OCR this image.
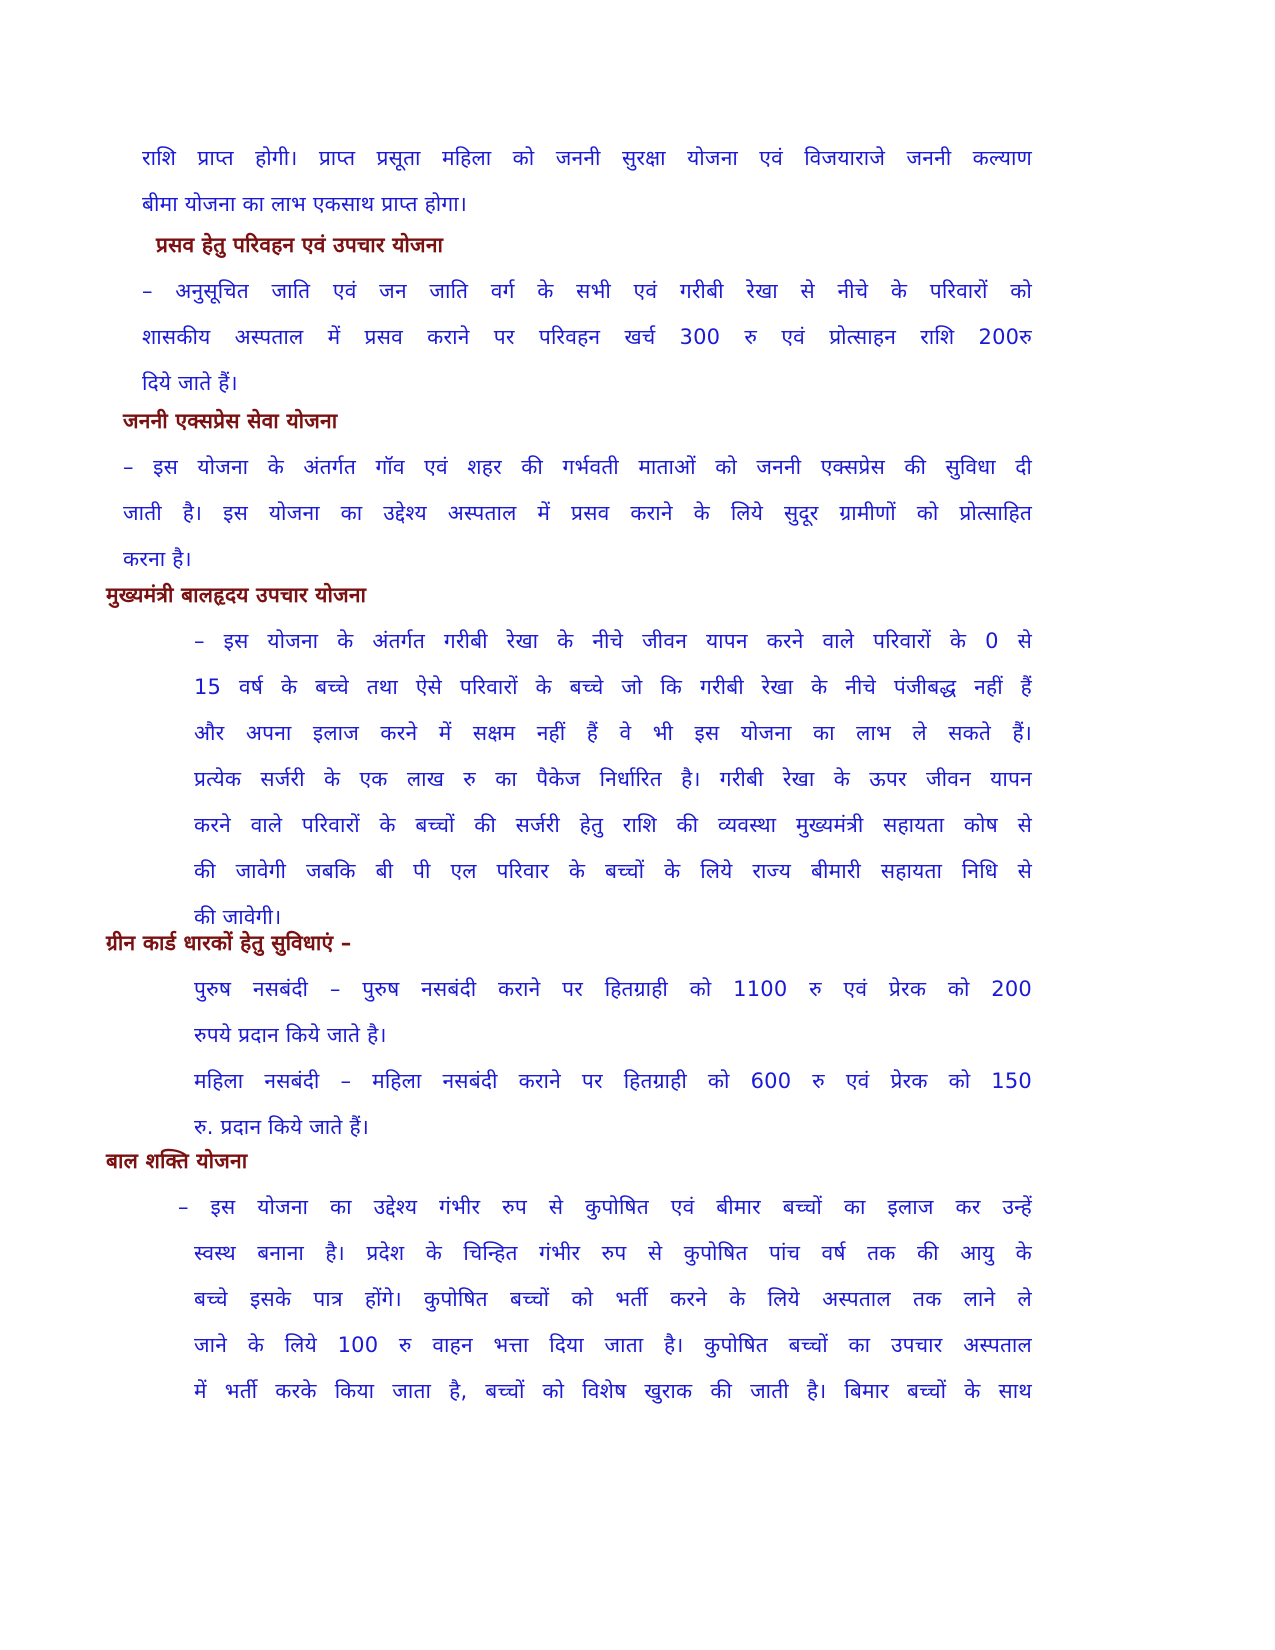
राशि प्राप्त होगी। प्राप्त प्रसूता महिला को जननी सुरक्षा योजना एवं विजयाराजे जननी कल्याण
बीमा योजना का लाभ एकसाथ प्राप्त होगा।
प्रसव हेतु परिवहन एवं उपचार योजना
– अनुसूचित जाति एवं जन जाति वर्ग के सभी एवं गरीबी रेखा से नीचे के परिवारों को
शासकीय अस्पताल में प्रसव कराने पर परिवहन खर्च 300 रु एवं प्रोत्साहन राशि 200रु
दिये जाते हैं।
जननी एक्सप्रेस सेवा योजना
– इस योजना के अंतर्गत गॉव एवं शहर की गर्भवती माताओं को जननी एक्सप्रेस की सुविधा दी
जाती है। इस योजना का उद्देश्य अस्पताल में प्रसव कराने के लिये सुदूर ग्रामीणों को प्रोत्साहित
करना है।
मुख्यमंत्री बालहृदय उपचार योजना
– इस योजना के अंतर्गत गरीबी रेखा के नीचे जीवन यापन करने वाले परिवारों के 0 से
15 वर्ष के बच्चे तथा ऐसे परिवारों के बच्चे जो कि गरीबी रेखा के नीचे पंजीबद्ध नहीं हैं
और अपना इलाज करने में सक्षम नहीं हैं वे भी इस योजना का लाभ ले सकते हैं।
प्रत्येक सर्जरी के एक लाख रु का पैकेज निर्धारित है। गरीबी रेखा के ऊपर जीवन यापन
करने वाले परिवारों के बच्चों की सर्जरी हेतु राशि की व्यवस्था मुख्यमंत्री सहायता कोष से
की जावेगी जबकि बी पी एल परिवार के बच्चों के लिये राज्य बीमारी सहायता निधि से
की जावेगी।
ग्रीन कार्ड धारकों हेतु सुविधाएं –
पुरुष नसबंदी – पुरुष नसबंदी कराने पर हितग्राही को 1100 रु एवं प्रेरक को 200
रुपये प्रदान किये जाते है।
महिला नसबंदी – महिला नसबंदी कराने पर हितग्राही को 600 रु एवं प्रेरक को 150
रु. प्रदान किये जाते हैं।
बाल शक्ति योजना
– इस योजना का उद्देश्य गंभीर रुप से कुपोषित एवं बीमार बच्चों का इलाज कर उन्हें
स्वस्थ बनाना है। प्रदेश के चिन्हित गंभीर रुप से कुपोषित पांच वर्ष तक की आयु के
बच्चे इसके पात्र होंगे। कुपोषित बच्चों को भर्ती करने के लिये अस्पताल तक लाने ले
जाने के लिये 100 रु वाहन भत्ता दिया जाता है। कुपोषित बच्चों का उपचार अस्पताल
में भर्ती करके किया जाता है, बच्चों को विशेष खुराक की जाती है। बिमार बच्चों के साथ
